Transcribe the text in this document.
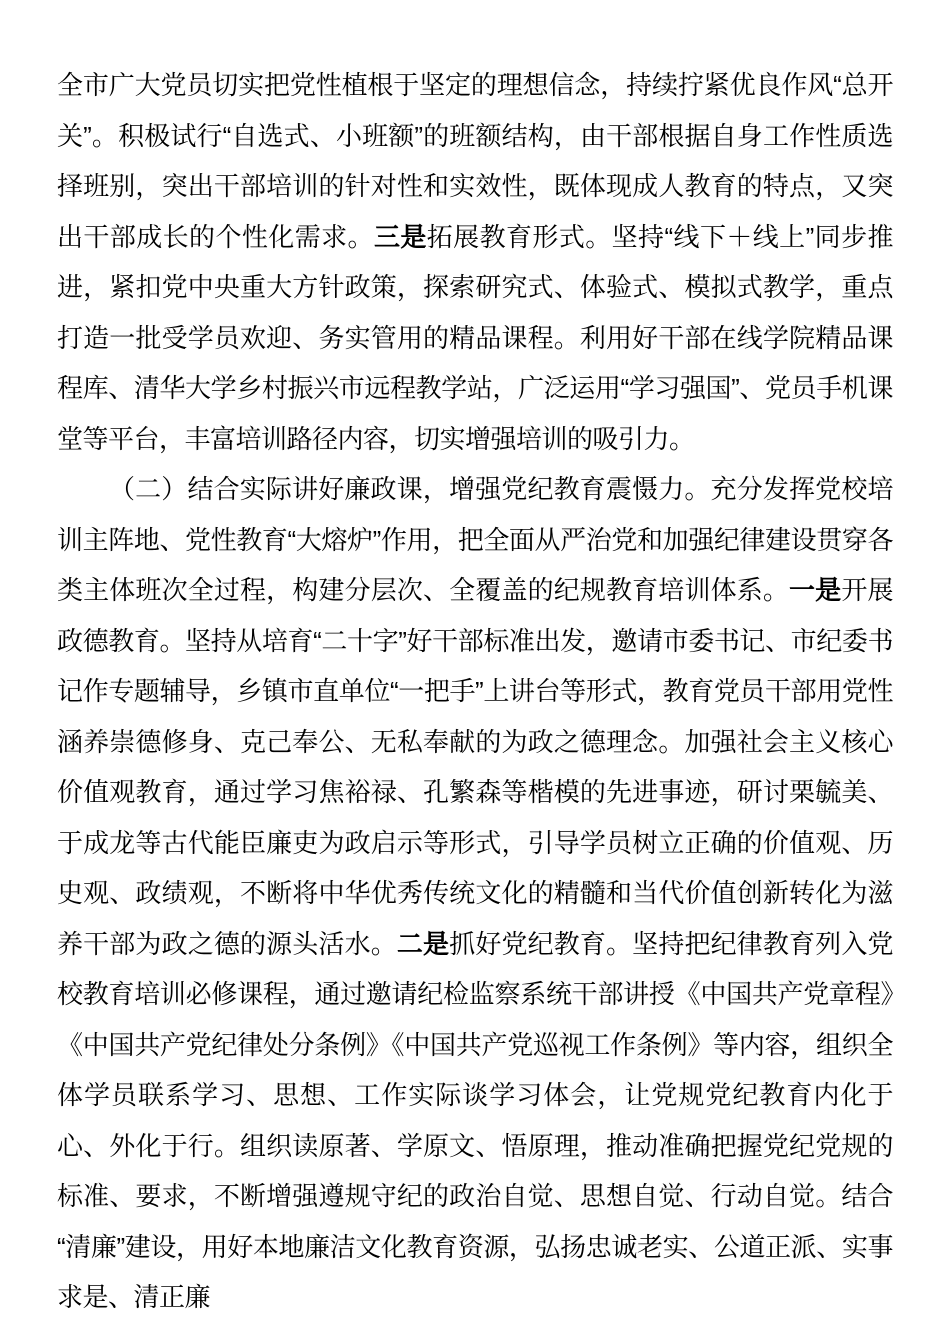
全市广大党员切实把党性植根于坚定的理想信念，持续拧紧优良作风“总开关”。积极试行“自选式、小班额”的班额结构，由干部根据自身工作性质选择班别，突出干部培训的针对性和实效性，既体现成人教育的特点，又突出干部成长的个性化需求。三是拓展教育形式。坚持“线下＋线上”同步推进，紧扣党中央重大方针政策，探索研究式、体验式、模拟式教学，重点打造一批受学员欢迎、务实管用的精品课程。利用好干部在线学院精品课程库、清华大学乡村振兴市远程教学站，广泛运用“学习强国”、党员手机课堂等平台，丰富培训路径内容，切实增强培训的吸引力。

（二）结合实际讲好廉政课，增强党纪教育震慑力。充分发挥党校培训主阵地、党性教育“大熔炉”作用，把全面从严治党和加强纪律建设贯穿各类主体班次全过程，构建分层次、全覆盖的纪规教育培训体系。一是开展政德教育。坚持从培育“二十字”好干部标准出发，邀请市委书记、市纪委书记作专题辅导，乡镇市直单位“一把手”上讲台等形式，教育党员干部用党性涵养崇德修身、克己奉公、无私奉献的为政之德理念。加强社会主义核心价值观教育，通过学习焦裕禄、孔繁森等楷模的先进事迹，研讨栗毓美、于成龙等古代能臣廉吏为政启示等形式，引导学员树立正确的价值观、历史观、政绩观，不断将中华优秀传统文化的精髓和当代价值创新转化为滋养干部为政之德的源头活水。二是抓好党纪教育。坚持把纪律教育列入党校教育培训必修课程，通过邀请纪检监察系统干部讲授《中国共产党章程》《中国共产党纪律处分条例》《中国共产党巡视工作条例》等内容，组织全体学员联系学习、思想、工作实际谈学习体会，让党规党纪教育内化于心、外化于行。组织读原著、学原文、悟原理，推动准确把握党纪党规的标准、要求，不断增强遵规守纪的政治自觉、思想自觉、行动自觉。结合“清廉”建设，用好本地廉洁文化教育资源，弘扬忠诚老实、公道正派、实事求是、清正廉
